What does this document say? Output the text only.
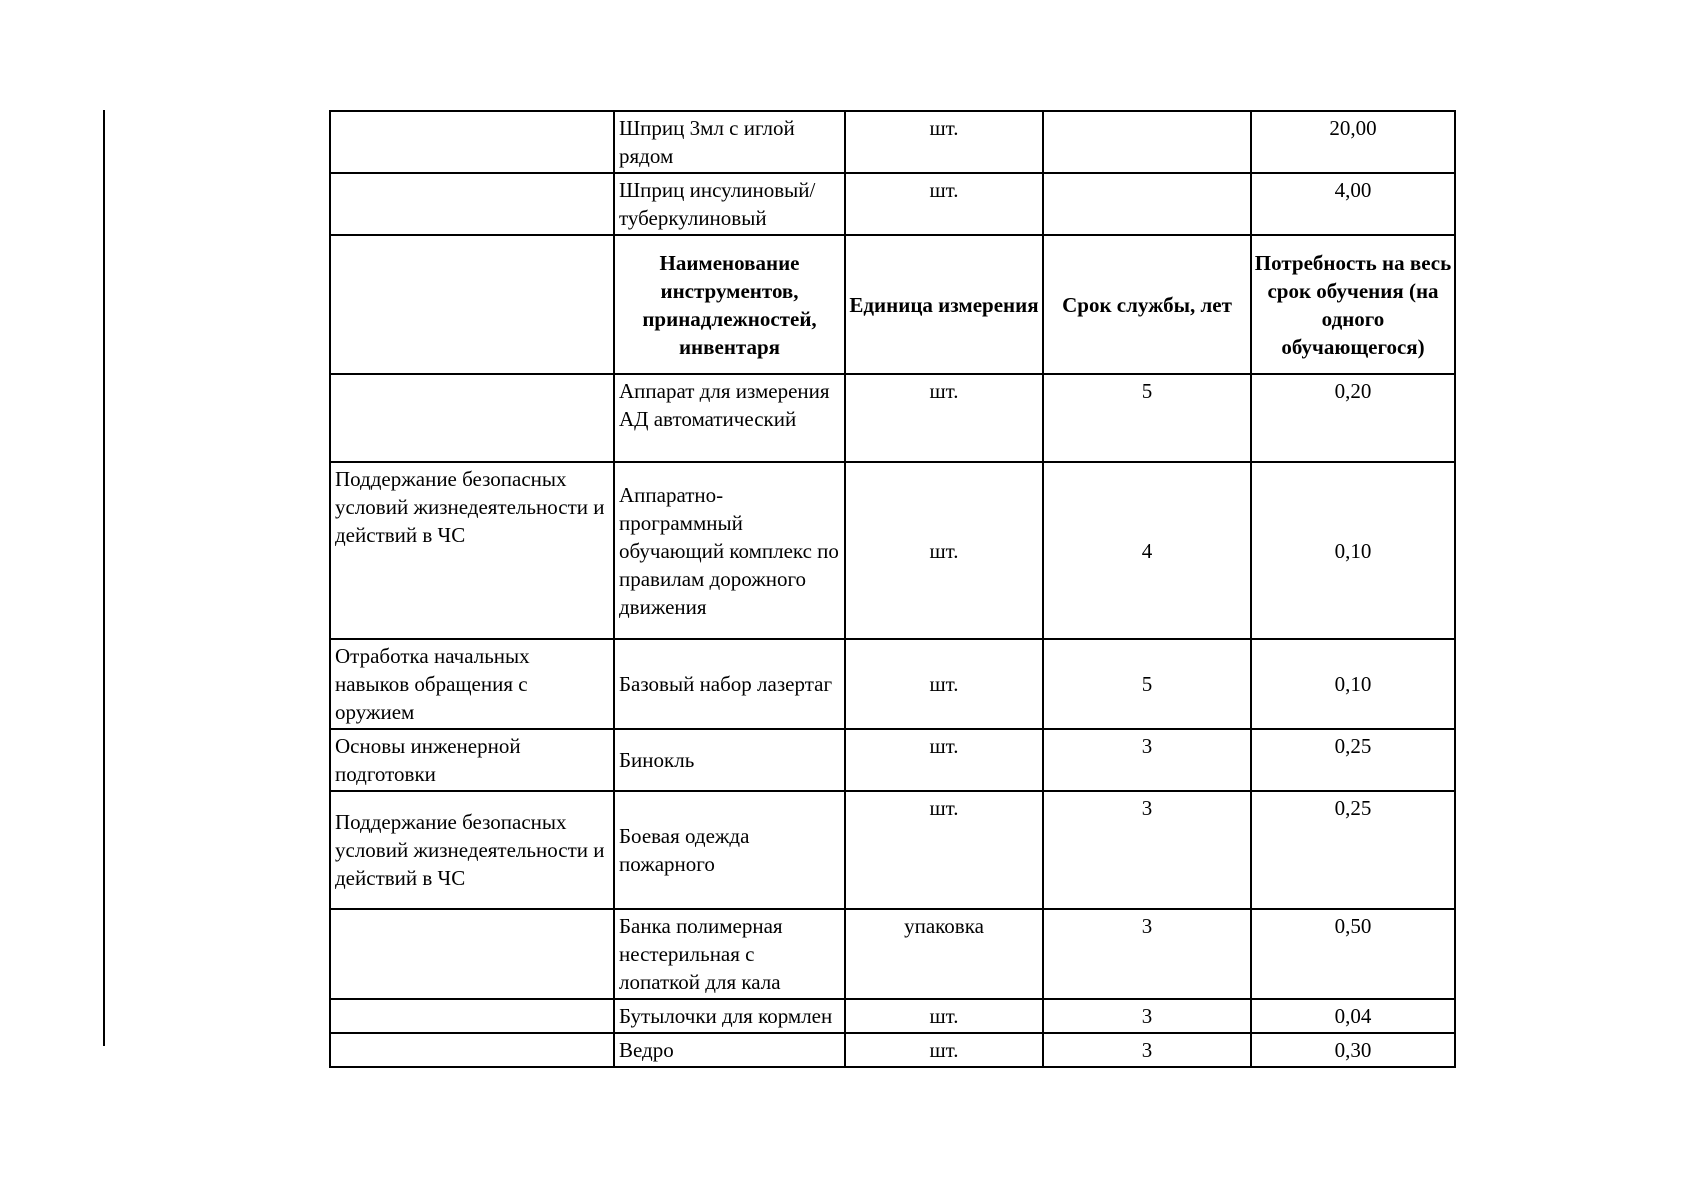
	Шприц 3мл с иглой рядом	шт.		20,00
	Шприц инсулиновый/ туберкулиновый	шт.		4,00
	Наименование инструментов, принадлежностей, инвентаря	Единица измерения	Срок службы, лет	Потребность на весь срок обучения (на одного обучающегося)
	Аппарат для измерения АД автоматический	шт.	5	0,20
Поддержание безопасных условий жизнедеятельности и действий в ЧС	Аппаратно-программный обучающий комплекс по правилам дорожного движения	шт.	4	0,10
Отработка начальных навыков обращения с оружием	Базовый набор лазертаг	шт.	5	0,10
Основы инженерной подготовки	Бинокль	шт.	3	0,25
Поддержание безопасных условий жизнедеятельности и действий в ЧС	Боевая одежда пожарного	шт.	3	0,25
	Банка полимерная нестерильная с лопаткой для кала	упаковка	3	0,50
	Бутылочки для кормлен	шт.	3	0,04
	Ведро	шт.	3	0,30
